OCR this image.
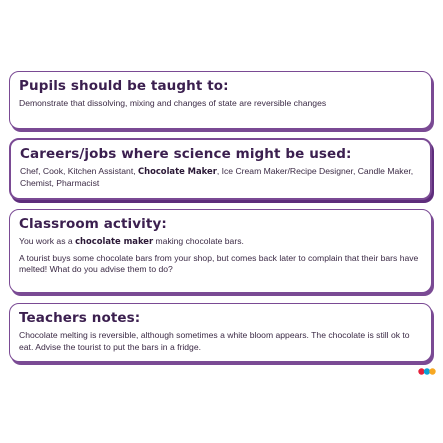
Pupils should be taught to:

Demonstrate that dissolving, mixing and changes of state are reversible changes

Careers/jobs where science might be used:

Chef, Cook, Kitchen Assistant, Chocolate Maker, Ice Cream Maker/Recipe Designer, Candle Maker, Chemist, Pharmacist

Classroom activity:

You work as a chocolate maker making chocolate bars.

A tourist buys some chocolate bars from your shop, but comes back later to complain that their bars have melted! What do you advise them to do?

Teachers notes:

Chocolate melting is reversible, although sometimes a white bloom appears. The chocolate is still ok to eat. Advise the tourist to put the bars in a fridge.
